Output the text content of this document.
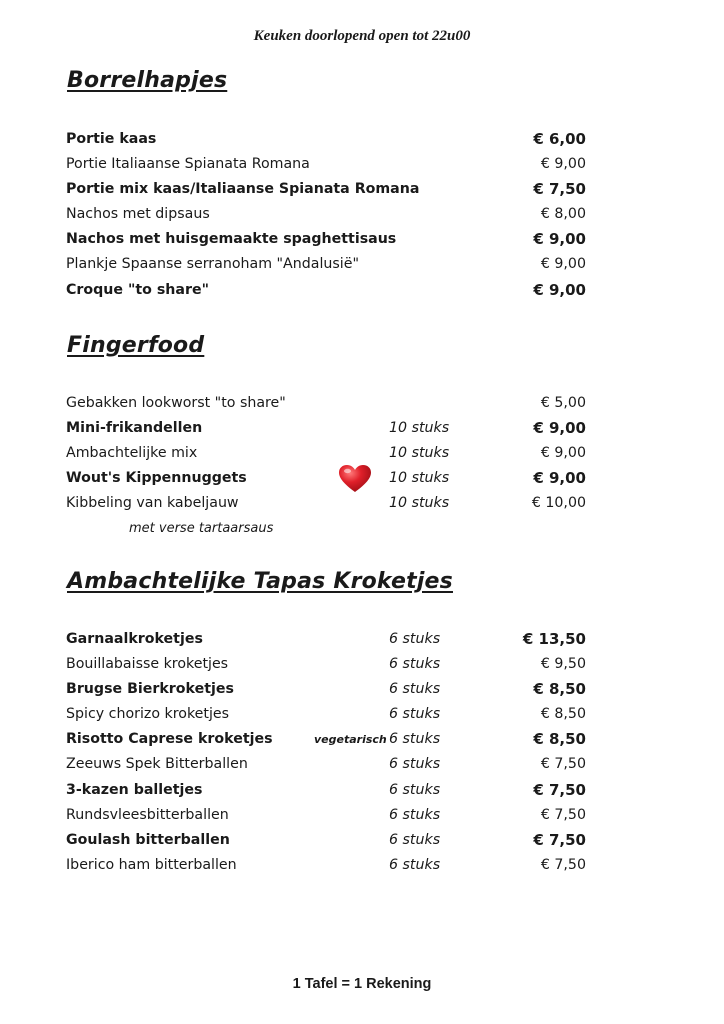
Keuken doorlopend open tot 22u00
Borrelhapjes
Portie kaas	€ 6,00
Portie Italiaanse Spianata Romana	€ 9,00
Portie mix kaas/Italiaanse Spianata Romana	€ 7,50
Nachos met dipsaus	€ 8,00
Nachos met huisgemaakte spaghettisaus	€ 9,00
Plankje Spaanse serranoham "Andalusië"	€ 9,00
Croque "to share"	€ 9,00
Fingerfood
Gebakken lookworst "to share"	€ 5,00
Mini-frikandellen	10 stuks	€ 9,00
Ambachtelijke mix	10 stuks	€ 9,00
Wout's Kippennuggets	10 stuks	€ 9,00
Kibbeling van kabeljauw	10 stuks	€ 10,00
met verse tartaarsaus
Ambachtelijke Tapas Kroketjes
Garnaalkroketjes	6 stuks	€ 13,50
Bouillabaisse kroketjes	6 stuks	€ 9,50
Brugse Bierkroketjes	6 stuks	€ 8,50
Spicy chorizo kroketjes	6 stuks	€ 8,50
Risotto Caprese kroketjes	vegetarisch 6 stuks	€ 8,50
Zeeuws Spek Bitterballen	6 stuks	€ 7,50
3-kazen balletjes	6 stuks	€ 7,50
Rundsvleesbitterballen	6 stuks	€ 7,50
Goulash bitterballen	6 stuks	€ 7,50
Iberico ham bitterballen	6 stuks	€ 7,50
1 Tafel = 1 Rekening
